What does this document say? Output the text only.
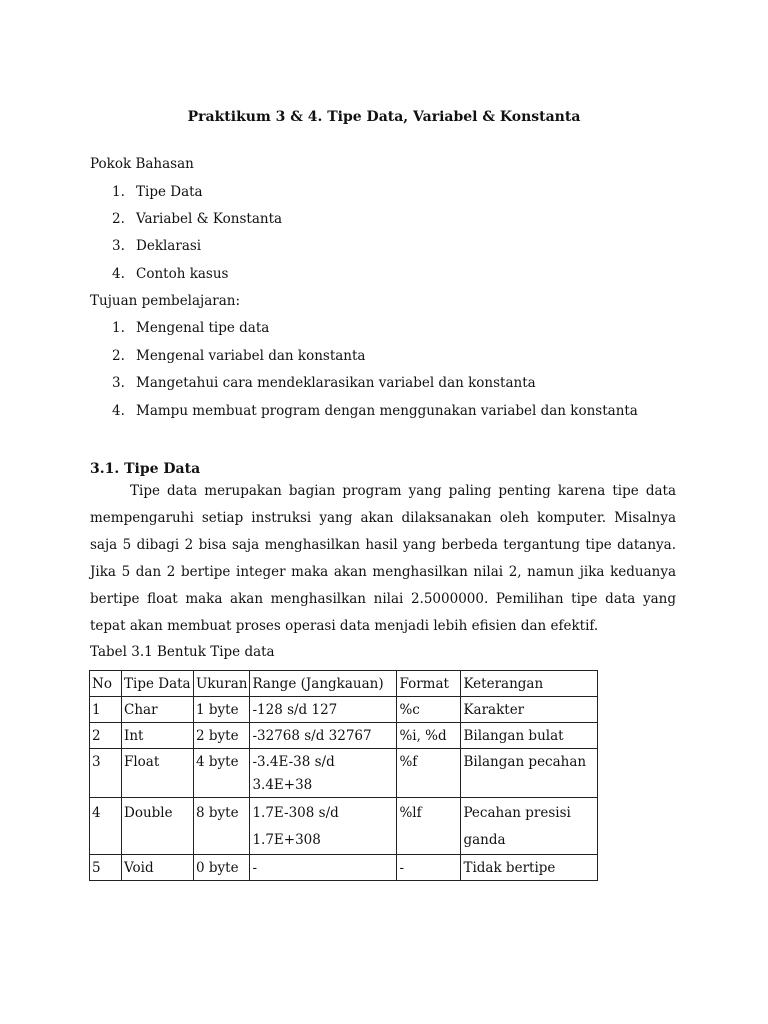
Praktikum 3 & 4. Tipe Data, Variabel & Konstanta
Pokok Bahasan
1. Tipe Data
2. Variabel & Konstanta
3. Deklarasi
4. Contoh kasus
Tujuan pembelajaran:
1. Mengenal tipe data
2. Mengenal variabel dan konstanta
3. Mangetahui cara mendeklarasikan variabel dan konstanta
4. Mampu membuat program dengan menggunakan variabel dan konstanta
3.1. Tipe Data
Tipe data merupakan bagian program yang paling penting karena tipe data mempengaruhi setiap instruksi yang akan dilaksanakan oleh komputer. Misalnya saja 5 dibagi 2 bisa saja menghasilkan hasil yang berbeda tergantung tipe datanya. Jika 5 dan 2 bertipe integer maka akan menghasilkan nilai 2, namun jika keduanya bertipe float maka akan menghasilkan nilai 2.5000000. Pemilihan tipe data yang tepat akan membuat proses operasi data menjadi lebih efisien dan efektif.
Tabel 3.1 Bentuk Tipe data
No	Tipe Data	Ukuran	Range (Jangkauan)	Format	Keterangan
1	Char	1 byte	-128 s/d 127	%c	Karakter
2	Int	2 byte	-32768 s/d 32767	%i, %d	Bilangan bulat
3	Float	4 byte	-3.4E-38 s/d 3.4E+38	%f	Bilangan pecahan
4	Double	8 byte	1.7E-308 s/d 1.7E+308	%lf	Pecahan presisi ganda
5	Void	0 byte	-	-	Tidak bertipe
